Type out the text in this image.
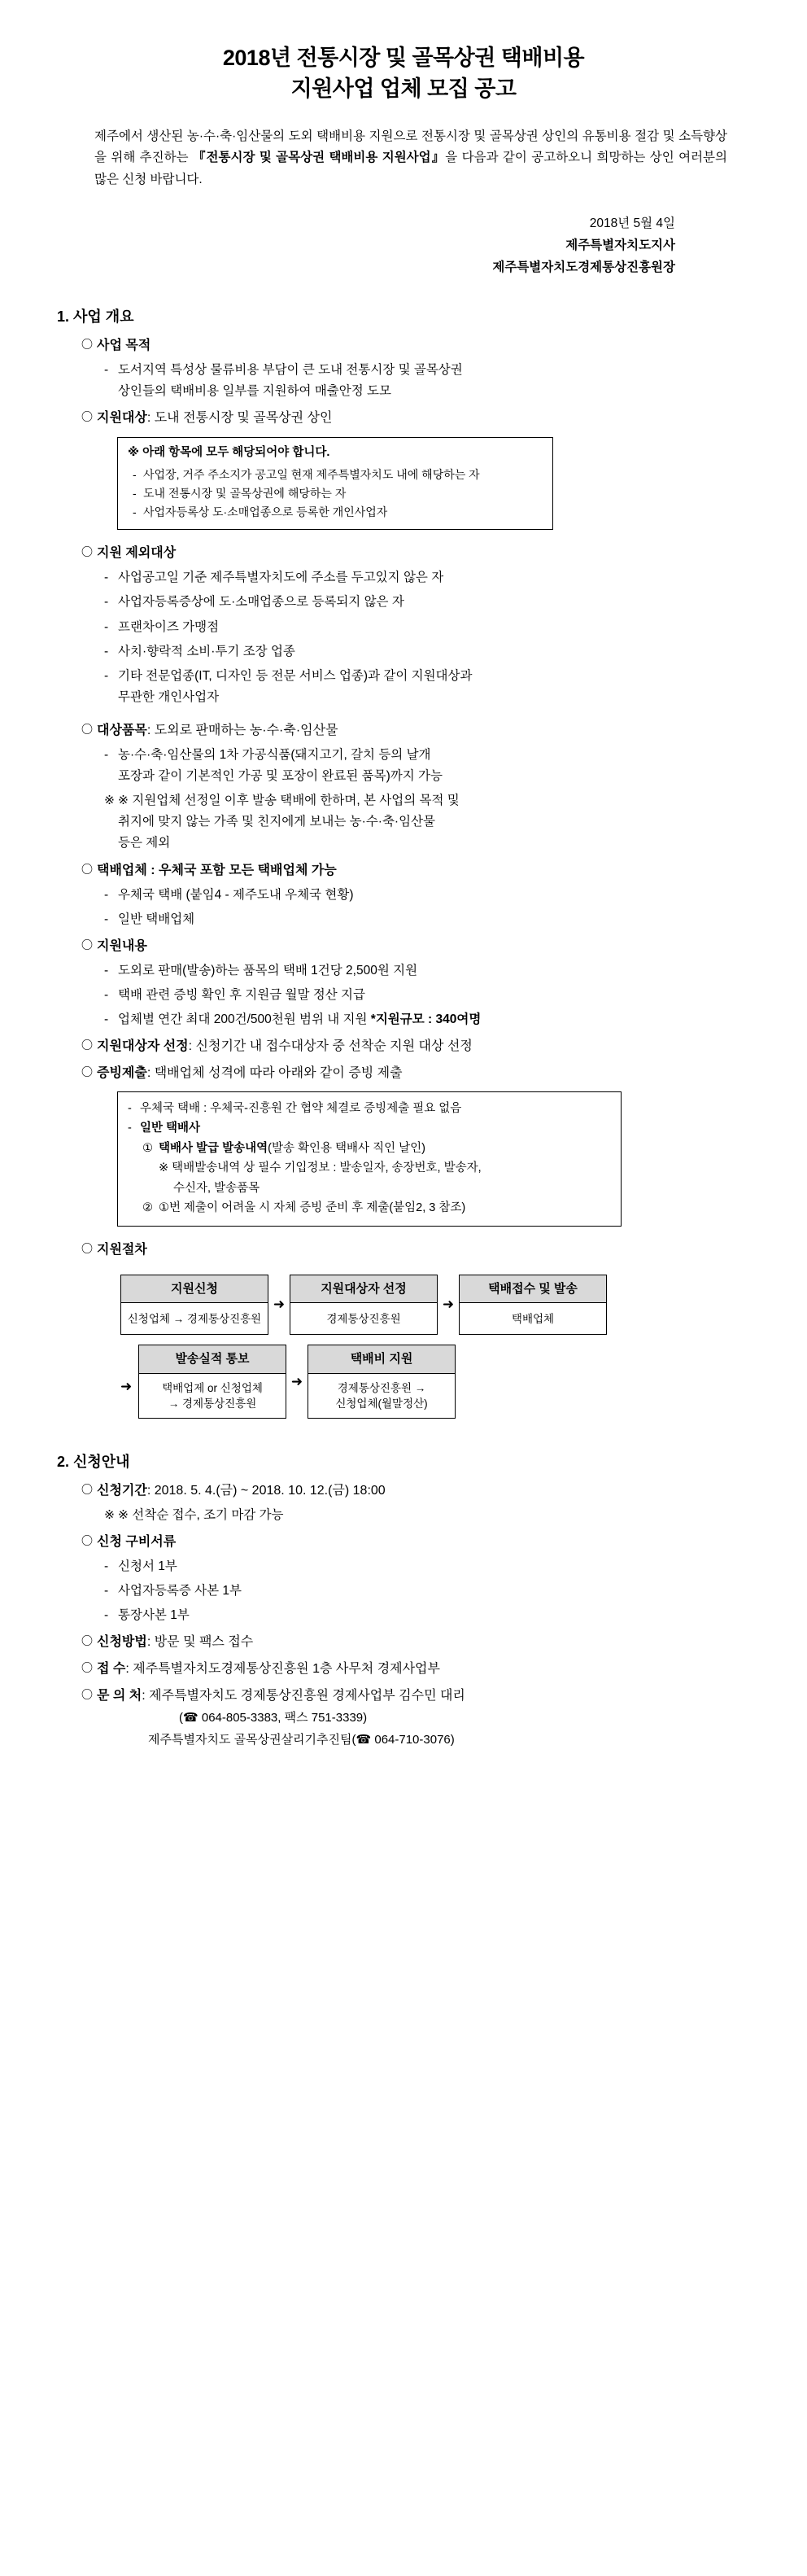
2018년 전통시장 및 골목상권 택배비용
지원사업 업체 모집 공고
제주에서 생산된 농·수·축·임산물의 도외 택배비용 지원으로 전통시장 및 골목상권 상인의 유통비용 절감 및 소득향상을 위해 추진하는 『전통시장 및 골목상권 택배비용 지원사업』을 다음과 같이 공고하오니 희망하는 상인 여러분의 많은 신청 바랍니다.
2018년 5월 4일
제주특별자치도지사
제주특별자치도경제통상진흥원장
1. 사업 개요
〇 사업 목적
- 도서지역 특성상 물류비용 부담이 큰 도내 전통시장 및 골목상권
상인들의 택배비용 일부를 지원하여 매출안정 도모
〇 지원대상: 도내 전통시장 및 골목상권 상인
※ 아래 항목에 모두 해당되어야 합니다.
- 사업장, 거주 주소지가 공고일 현재 제주특별자치도 내에 해당하는 자
- 도내 전통시장 및 골목상권에 해당하는 자
- 사업자등록상 도·소매업종으로 등록한 개인사업자
〇 지원 제외대상
- 사업공고일 기준 제주특별자치도에 주소를 두고있지 않은 자
- 사업자등록증상에 도·소매업종으로 등록되지 않은 자
- 프랜차이즈 가맹점
- 사치·향락적 소비·투기 조장 업종
- 기타 전문업종(IT, 디자인 등 전문 서비스 업종)과 같이 지원대상과
무관한 개인사업자
〇 대상품목: 도외로 판매하는 농·수·축·임산물
- 농·수·축·임산물의 1차 가공식품(돼지고기, 갈치 등의 날개
포장과 같이 기본적인 가공 및 포장이 완료된 품목)까지 가능
※ ※ 지원업체 선정일 이후 발송 택배에 한하며, 본 사업의 목적 및
취지에 맞지 않는 가족 및 친지에게 보내는 농·수·축·임산물
등은 제외
〇 택배업체 : 우체국 포함 모든 택배업체 가능
- 우체국 택배 (붙임4 - 제주도내 우체국 현황)
- 일반 택배업체
〇 지원내용
- 도외로 판매(발송)하는 품목의 택배 1건당 2,500원 지원
- 택배 관련 증빙 확인 후 지원금 월말 정산 지급
- 업체별 연간 최대 200건/500천원 범위 내 지원 *지원규모 : 340여명
〇 지원대상자 선정: 신청기간 내 접수대상자 중 선착순 지원 대상 선정
〇 증빙제출: 택배업체 성격에 따라 아래와 같이 증빙 제출
- 우체국 택배 : 우체국-진흥원 간 협약 체결로 증빙제출 필요 없음
- 일반 택배사
① 택배사 발급 발송내역(발송 확인용 택배사 직인 날인)
※ 택배발송내역 상 필수 기입정보 : 발송일자, 송장번호, 발송자,
수신자, 발송품목
② ①번 제출이 어려울 시 자체 증빙 준비 후 제출(붙임2, 3 참조)
〇 지원절차
지원신청
신청업체 → 경제통상진흥원
➜
지원대상자 선정
경제통상진흥원
➜
택배접수 및 발송
택배업체
➜
발송실적 통보
택배업제 or 신청업체
→ 경제통상진흥원
➜
택배비 지원
경제통상진흥원 →
신청업체(월말정산)
2. 신청안내
〇 신청기간: 2018. 5. 4.(금) ~ 2018. 10. 12.(금) 18:00
※ ※ 선착순 접수, 조기 마감 가능
〇 신청 구비서류
- 신청서 1부
- 사업자등록증 사본 1부
- 통장사본 1부
〇 신청방법: 방문 및 팩스 접수
〇 접 수: 제주특별자치도경제통상진흥원 1층 사무처 경제사업부
〇 문 의 처: 제주특별자치도 경제통상진흥원 경제사업부 김수민 대리
(☎ 064-805-3383, 팩스 751-3339)
제주특별자치도 골목상권살리기추진팀(☎ 064-710-3076)
